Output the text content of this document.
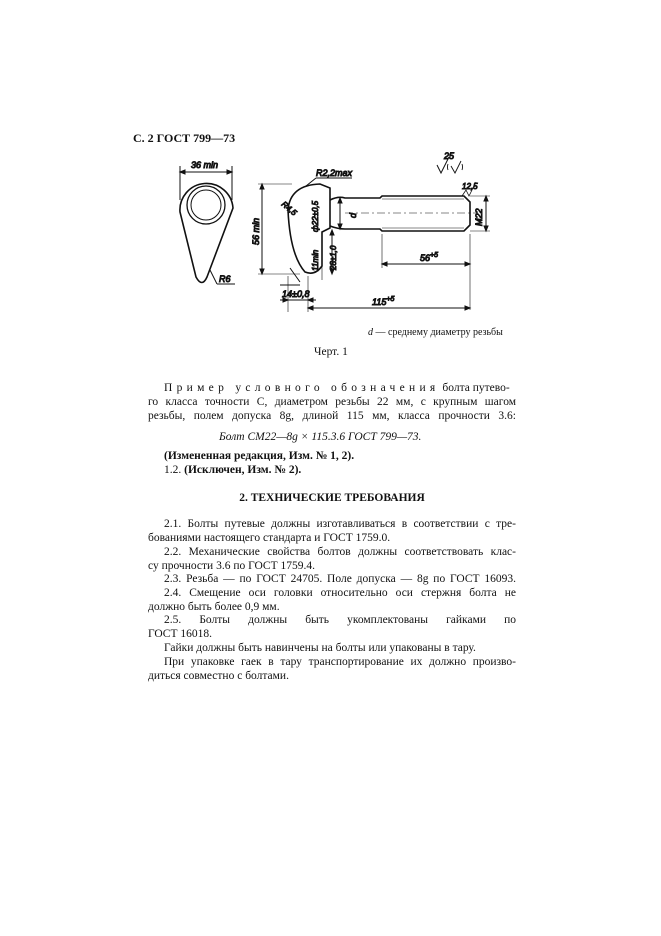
С. 2 ГОСТ 799—73
36 min
R6
25
12,5
R2,2max
R4,5 ф22±0,5	d	M22
56 min
11min 28±1,0	$56^{+5}$
14±0,8
$115^{+5}$
d — среднему диаметру резьбы
Черт. 1
Пример условного обозначения болта путево-
го класса точности С, диаметром резьбы 22 мм, с крупным шагом
резьбы, полем допуска 8g, длиной 115 мм, класса прочности 3.6:
Болт СМ22—8g × 115.3.6 ГОСТ 799—73.
(Измененная редакция, Изм. № 1, 2).
1.2. (Исключен, Изм. № 2).
2. ТЕХНИЧЕСКИЕ ТРЕБОВАНИЯ
2.1. Болты путевые должны изготавливаться в соответствии с тре-
бованиями настоящего стандарта и ГОСТ 1759.0.
2.2. Механические свойства болтов должны соответствовать клас-
су прочности 3.6 по ГОСТ 1759.4.
2.3. Резьба — по ГОСТ 24705. Поле допуска — 8g по ГОСТ 16093.
2.4. Смещение оси головки относительно оси стержня болта не
должно быть более 0,9 мм.
2.5. Болты должны быть укомплектованы гайками по
ГОСТ 16018.
Гайки должны быть навинчены на болты или упакованы в тару.
При упаковке гаек в тару транспортирование их должно произво-
диться совместно с болтами.
